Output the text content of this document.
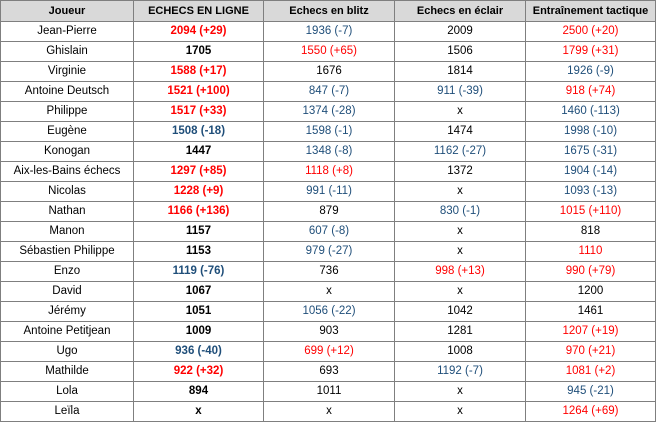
Joueur	ECHECS EN LIGNE	Echecs en blitz	Echecs en éclair	Entraînement tactique
Jean-Pierre	2094 (+29)	1936 (-7)	2009	2500 (+20)
Ghislain	1705	1550 (+65)	1506	1799 (+31)
Virginie	1588 (+17)	1676	1814	1926 (-9)
Antoine Deutsch	1521 (+100)	847 (-7)	911 (-39)	918 (+74)
Philippe	1517 (+33)	1374 (-28)	x	1460 (-113)
Eugène	1508 (-18)	1598 (-1)	1474	1998 (-10)
Konogan	1447	1348 (-8)	1162 (-27)	1675 (-31)
Aix-les-Bains échecs	1297 (+85)	1118 (+8)	1372	1904 (-14)
Nicolas	1228 (+9)	991 (-11)	x	1093 (-13)
Nathan	1166 (+136)	879	830 (-1)	1015 (+110)
Manon	1157	607 (-8)	x	818
Sébastien Philippe	1153	979 (-27)	x	1110
Enzo	1119 (-76)	736	998 (+13)	990 (+79)
David	1067	x	x	1200
Jérémy	1051	1056 (-22)	1042	1461
Antoine Petitjean	1009	903	1281	1207 (+19)
Ugo	936 (-40)	699 (+12)	1008	970 (+21)
Mathilde	922 (+32)	693	1192 (-7)	1081 (+2)
Lola	894	1011	x	945 (-21)
Leïla	x	x	x	1264 (+69)
